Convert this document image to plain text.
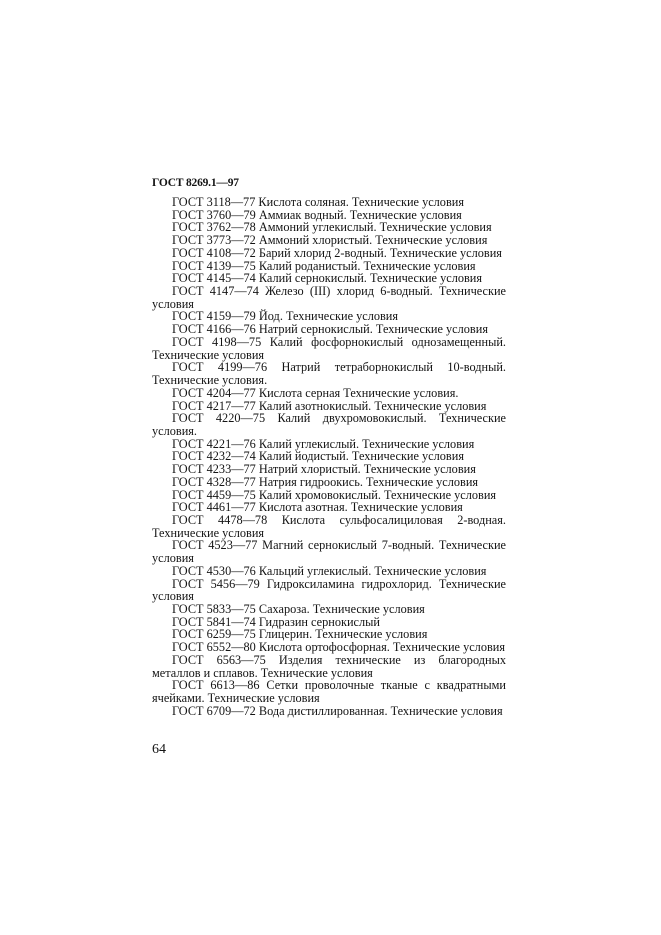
ГОСТ 8269.1—97

ГОСТ 3118—77 Кислота соляная. Технические условия

ГОСТ 3760—79 Аммиак водный. Технические условия

ГОСТ 3762—78 Аммоний углекислый. Технические условия

ГОСТ 3773—72 Аммоний хлористый. Технические условия

ГОСТ 4108—72 Барий хлорид 2-водный. Технические условия

ГОСТ 4139—75 Калий роданистый. Технические условия

ГОСТ 4145—74 Калий сернокислый. Технические условия

ГОСТ 4147—74 Железо (III) хлорид 6-водный. Технические условия

ГОСТ 4159—79 Йод. Технические условия

ГОСТ 4166—76 Натрий сернокислый. Технические условия

ГОСТ 4198—75 Калий фосфорнокислый однозамещенный. Технические условия

ГОСТ 4199—76 Натрий тетраборнокислый 10-водный. Технические условия.

ГОСТ 4204—77 Кислота серная Технические условия.

ГОСТ 4217—77 Калий азотнокислый. Технические условия

ГОСТ 4220—75 Калий двухромовокислый. Технические условия.

ГОСТ 4221—76 Калий углекислый. Технические условия

ГОСТ 4232—74 Калий йодистый. Технические условия

ГОСТ 4233—77 Натрий хлористый. Технические условия

ГОСТ 4328—77 Натрия гидроокись. Технические условия

ГОСТ 4459—75 Калий хромовокислый. Технические условия

ГОСТ 4461—77 Кислота азотная. Технические условия

ГОСТ 4478—78 Кислота сульфосалициловая 2-водная. Технические условия

ГОСТ 4523—77 Магний сернокислый 7-водный. Технические условия

ГОСТ 4530—76 Кальций углекислый. Технические условия

ГОСТ 5456—79 Гидроксиламина гидрохлорид. Технические условия

ГОСТ 5833—75 Сахароза. Технические условия

ГОСТ 5841—74 Гидразин сернокислый

ГОСТ 6259—75 Глицерин. Технические условия

ГОСТ 6552—80 Кислота ортофосфорная. Технические условия

ГОСТ 6563—75 Изделия технические из благородных металлов и сплавов. Технические условия

ГОСТ 6613—86 Сетки проволочные тканые с квадратными ячейками. Технические условия

ГОСТ 6709—72 Вода дистиллированная. Технические условия

64
